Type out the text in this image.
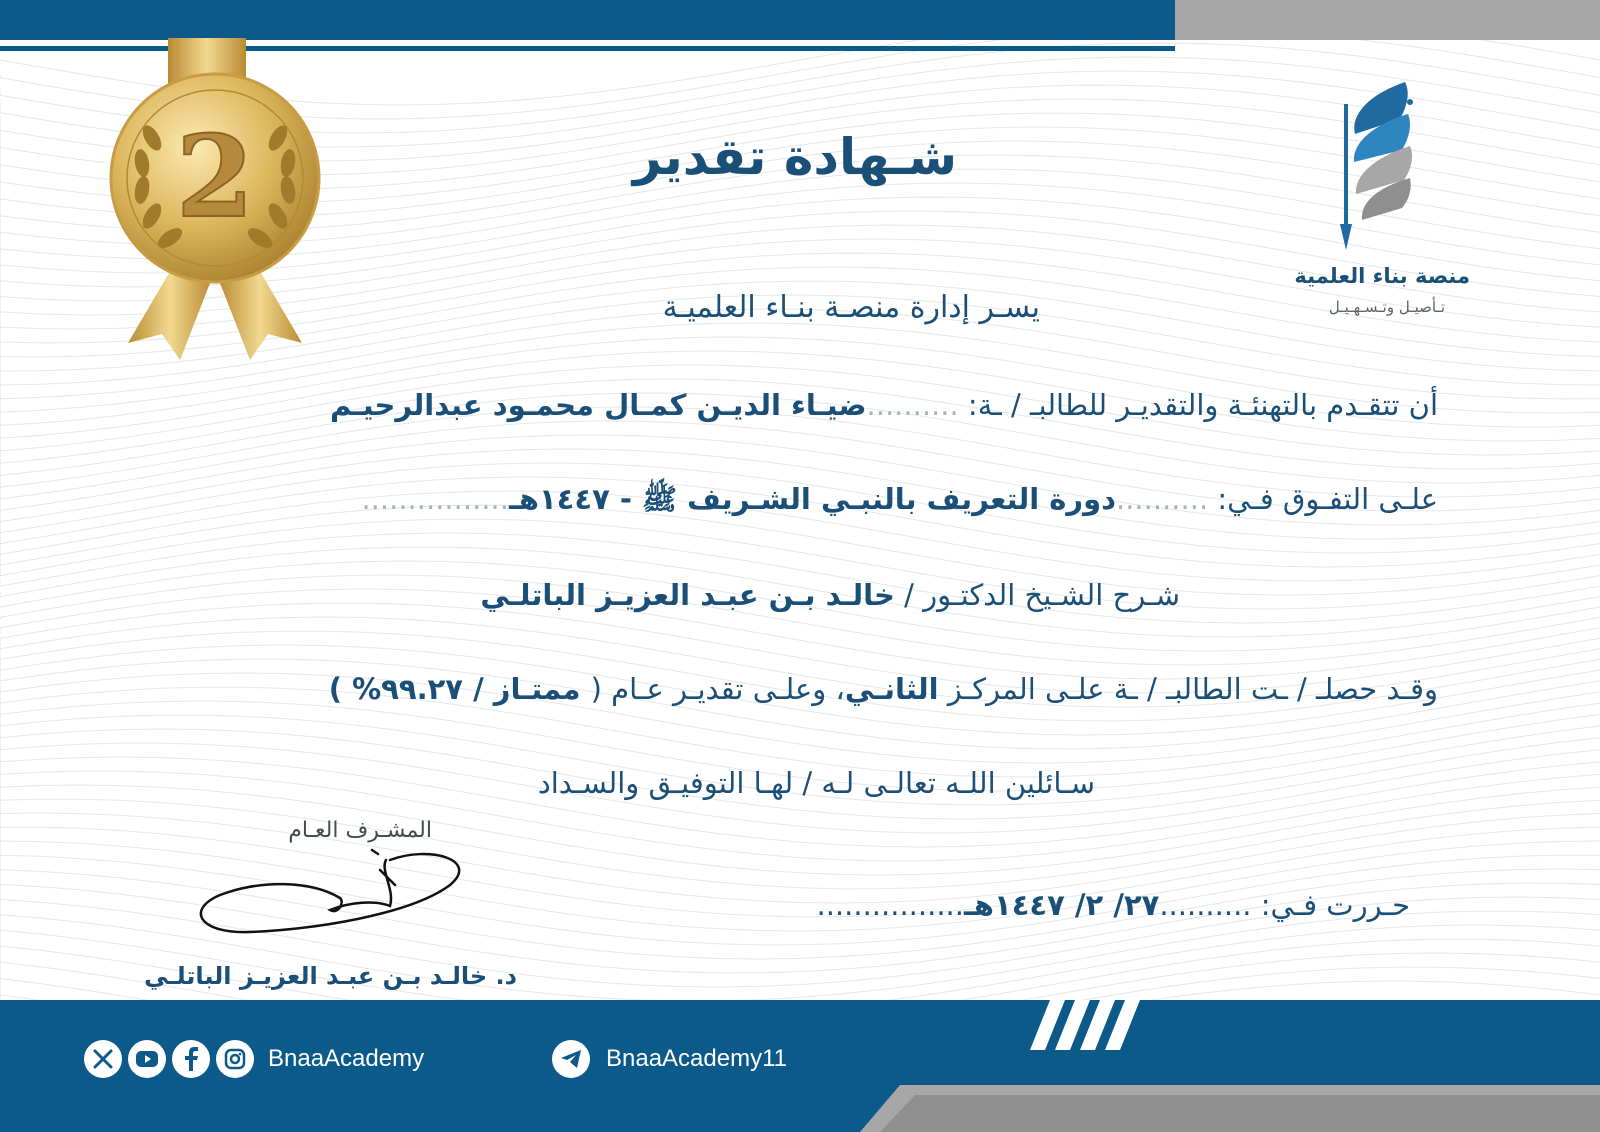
2
منصة بناء العلمية
تـأصيـل وتـسـهـيـل
شـهادة تقدير
يسـر إدارة منصـة بنـاء العلميـة
أن تتقـدم بالتهنئـة والتقديـر للطالبـ / ـة: ..........ضيـاء الديـن كمـال محمـود عبدالرحيـم
علـى التفـوق فـي: ..........دورة التعريف بالنبـي الشـريف ﷺ - ١٤٤٧هـ................
شـرح الشـيخ الدكتـور / خالـد بـن عبـد العزيـز الباتلـي
وقـد حصلـ / ـت الطالبـ / ـة علـى المركـز الثانـي، وعلـى تقديـر عـام ( ممتـاز / ٩٩.٢٧% )
سـائلين اللـه تعالـى لـه / لهـا التوفيـق والسـداد
حـررت فـي: ..........٢٧/ ٢/ ١٤٤٧هـ................
المشـرف العـام
د. خالـد بـن عبـد العزيـز الباتلـي
BnaaAcademy	BnaaAcademy11
